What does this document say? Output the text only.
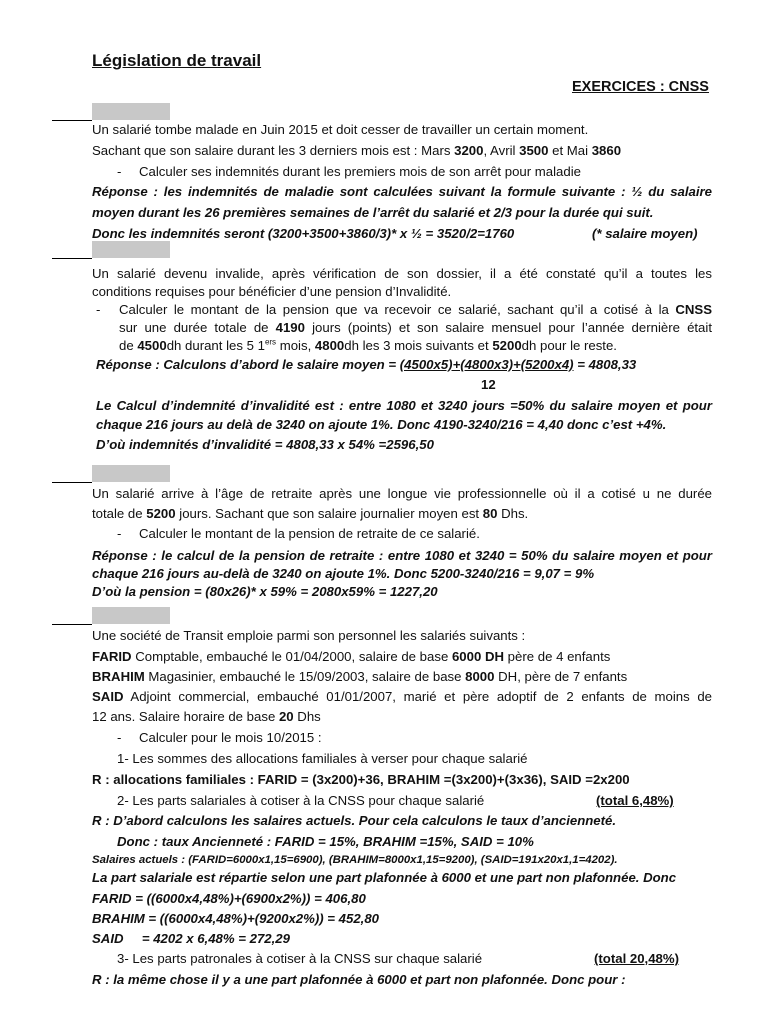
Législation de travail
EXERCICES : CNSS
Un salarié tombe malade en Juin 2015 et doit cesser de travailler un certain moment.
Sachant que son salaire durant les 3 derniers mois est : Mars 3200, Avril 3500 et Mai 3860
- Calculer ses indemnités durant les premiers mois de son arrêt pour maladie
Réponse : les indemnités de maladie sont calculées suivant la formule suivante : ½ du salaire
moyen durant les 26 premières semaines de l’arrêt du salarié et 2/3 pour la durée qui suit.
Donc les indemnités seront (3200+3500+3860/3)* x ½ = 3520/2=1760	(* salaire moyen)
Un salarié devenu invalide, après vérification de son dossier, il a été constaté qu’il a toutes les
conditions requises pour bénéficier d’une pension d’Invalidité.
- Calculer le montant de la pension que va recevoir ce salarié, sachant qu’il a cotisé à la CNSS
sur une durée totale de 4190 jours (points) et son salaire mensuel pour l’année dernière était
de 4500dh durant les 5 1ers mois, 4800dh les 3 mois suivants et 5200dh pour le reste.
Réponse : Calculons d’abord le salaire moyen = (4500x5)+(4800x3)+(5200x4) = 4808,33
12
Le Calcul d’indemnité d’invalidité est : entre 1080 et 3240 jours =50% du salaire moyen et pour
chaque 216 jours au delà de 3240 on ajoute 1%. Donc 4190-3240/216 = 4,40 donc c’est +4%.
D’où indemnités d’invalidité = 4808,33 x 54% =2596,50
Un salarié arrive à l’âge de retraite après une longue vie professionnelle où il a cotisé u ne durée
totale de 5200 jours. Sachant que son salaire journalier moyen est 80 Dhs.
- Calculer le montant de la pension de retraite de ce salarié.
Réponse : le calcul de la pension de retraite : entre 1080 et 3240 = 50% du salaire moyen et pour
chaque 216 jours au-delà de 3240 on ajoute 1%. Donc 5200-3240/216 = 9,07 = 9%
D’où la pension = (80x26)* x 59% = 2080x59% = 1227,20
Une société de Transit emploie parmi son personnel les salariés suivants :
FARID Comptable, embauché le 01/04/2000, salaire de base 6000 DH père de 4 enfants
BRAHIM Magasinier, embauché le 15/09/2003, salaire de base 8000 DH, père de 7 enfants
SAID Adjoint commercial, embauché 01/01/2007, marié et père adoptif de 2 enfants de moins de
12 ans. Salaire horaire de base 20 Dhs
- Calculer pour le mois 10/2015 :
1- Les sommes des allocations familiales à verser pour chaque salarié
R : allocations familiales : FARID = (3x200)+36, BRAHIM =(3x200)+(3x36), SAID =2x200
2- Les parts salariales à cotiser à la CNSS pour chaque salarié	(total 6,48%)
R : D’abord calculons les salaires actuels. Pour cela calculons le taux d’ancienneté.
Donc : taux Ancienneté : FARID = 15%, BRAHIM =15%, SAID = 10%
Salaires actuels : (FARID=6000x1,15=6900), (BRAHIM=8000x1,15=9200), (SAID=191x20x1,1=4202).
La part salariale est répartie selon une part plafonnée à 6000 et une part non plafonnée. Donc
FARID = ((6000x4,48%)+(6900x2%)) = 406,80
BRAHIM = ((6000x4,48%)+(9200x2%)) = 452,80
SAID     = 4202 x 6,48% = 272,29
3- Les parts patronales à cotiser à la CNSS sur chaque salarié	(total 20,48%)
R : la même chose il y a une part plafonnée à 6000 et part non plafonnée. Donc pour :
